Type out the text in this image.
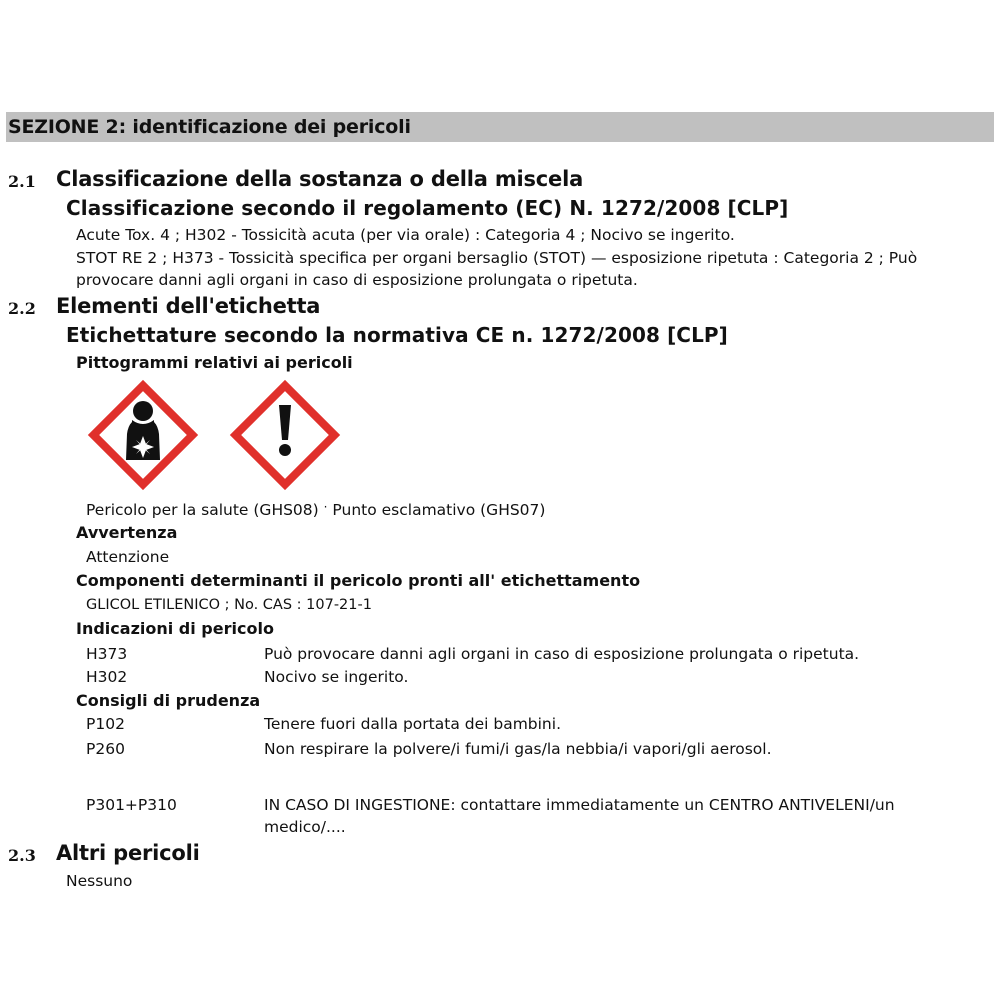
SEZIONE 2: identificazione dei pericoli
2.1 Classificazione della sostanza o della miscela
Classificazione secondo il regolamento (EC) N. 1272/2008 [CLP]
Acute Tox. 4 ; H302 - Tossicità acuta (per via orale) : Categoria 4 ; Nocivo se ingerito.
STOT RE 2 ; H373 - Tossicità specifica per organi bersaglio (STOT) — esposizione ripetuta : Categoria 2 ; Può
provocare danni agli organi in caso di esposizione prolungata o ripetuta.
2.2 Elementi dell'etichetta
Etichettature secondo la normativa CE n. 1272/2008 [CLP]
Pittogrammi relativi ai pericoli
Pericolo per la salute (GHS08) · Punto esclamativo (GHS07)
Avvertenza
Attenzione
Componenti determinanti il pericolo pronti all' etichettamento
GLICOL ETILENICO ; No. CAS : 107-21-1
Indicazioni di pericolo
H373	Può provocare danni agli organi in caso di esposizione prolungata o ripetuta.
H302	Nocivo se ingerito.
Consigli di prudenza
P102	Tenere fuori dalla portata dei bambini.
P260	Non respirare la polvere/i fumi/i gas/la nebbia/i vapori/gli aerosol.
P301+P310	IN CASO DI INGESTIONE: contattare immediatamente un CENTRO ANTIVELENI/un
medico/....
2.3 Altri pericoli
Nessuno
